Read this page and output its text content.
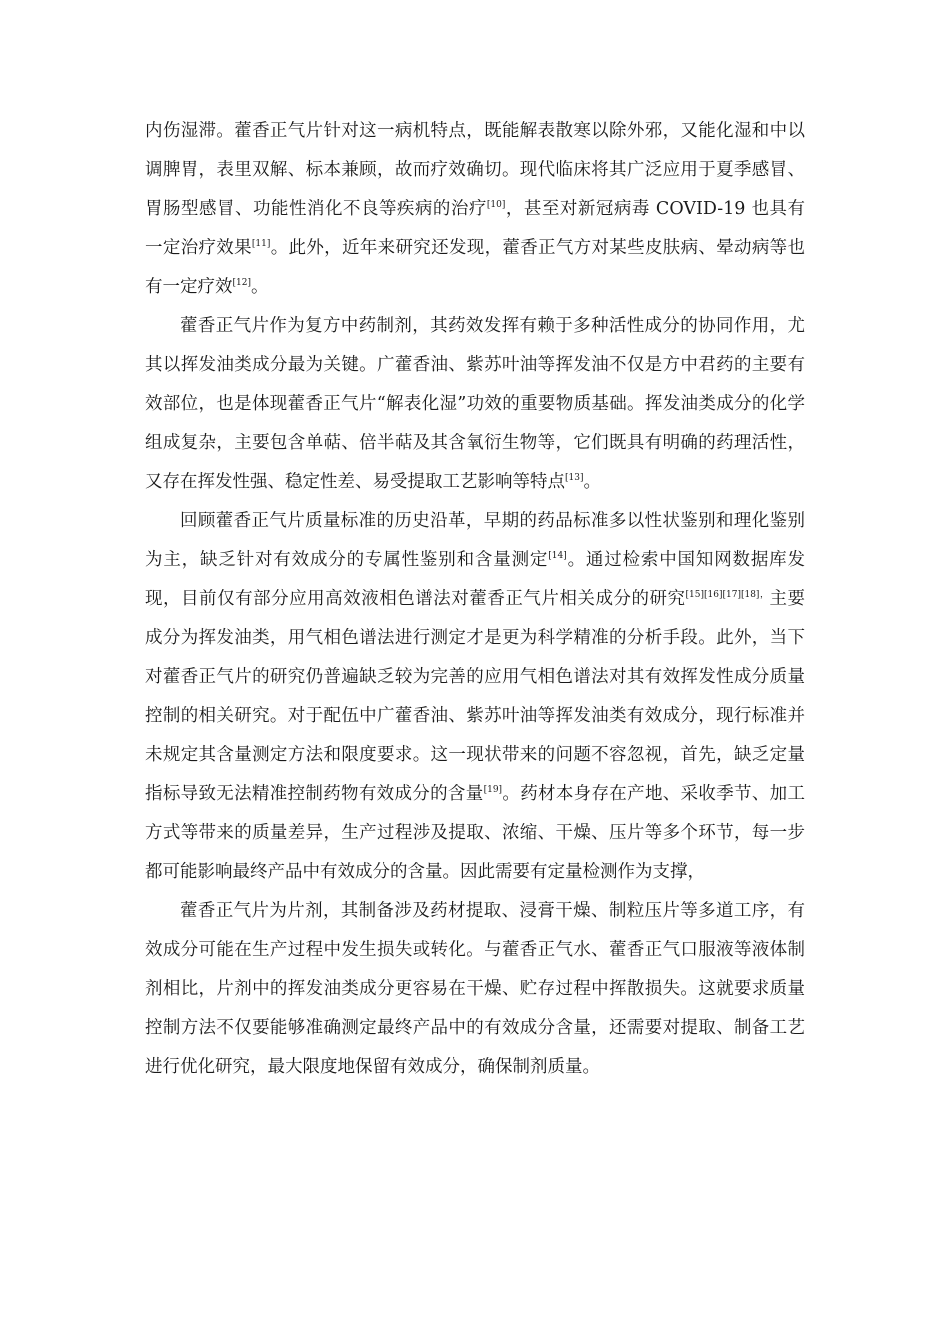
内伤湿滞。藿香正气片针对这一病机特点，既能解表散寒以除外邪，又能化湿和中以调脾胃，表里双解、标本兼顾，故而疗效确切。现代临床将其广泛应用于夏季感冒、胃肠型感冒、功能性消化不良等疾病的治疗[10]，甚至对新冠病毒 COVID-19 也具有一定治疗效果[11]。此外，近年来研究还发现，藿香正气方对某些皮肤病、晕动病等也有一定疗效[12]。

藿香正气片作为复方中药制剂，其药效发挥有赖于多种活性成分的协同作用，尤其以挥发油类成分最为关键。广藿香油、紫苏叶油等挥发油不仅是方中君药的主要有效部位，也是体现藿香正气片“解表化湿”功效的重要物质基础。挥发油类成分的化学组成复杂，主要包含单萜、倍半萜及其含氧衍生物等，它们既具有明确的药理活性，又存在挥发性强、稳定性差、易受提取工艺影响等特点[13]。

回顾藿香正气片质量标准的历史沿革，早期的药品标准多以性状鉴别和理化鉴别为主，缺乏针对有效成分的专属性鉴别和含量测定[14]。通过检索中国知网数据库发现，目前仅有部分应用高效液相色谱法对藿香正气片相关成分的研究$^{[15][16][17][18],}$主要成分为挥发油类，用气相色谱法进行测定才是更为科学精准的分析手段。此外，当下对藿香正气片的研究仍普遍缺乏较为完善的应用气相色谱法对其有效挥发性成分质量控制的相关研究。对于配伍中广藿香油、紫苏叶油等挥发油类有效成分，现行标准并未规定其含量测定方法和限度要求。这一现状带来的问题不容忽视，首先，缺乏定量指标导致无法精准控制药物有效成分的含量[19]。药材本身存在产地、采收季节、加工方式等带来的质量差异，生产过程涉及提取、浓缩、干燥、压片等多个环节，每一步都可能影响最终产品中有效成分的含量。因此需要有定量检测作为支撑，

藿香正气片为片剂，其制备涉及药材提取、浸膏干燥、制粒压片等多道工序，有效成分可能在生产过程中发生损失或转化。与藿香正气水、藿香正气口服液等液体制剂相比，片剂中的挥发油类成分更容易在干燥、贮存过程中挥散损失。这就要求质量控制方法不仅要能够准确测定最终产品中的有效成分含量，还需要对提取、制备工艺进行优化研究，最大限度地保留有效成分，确保制剂质量。
